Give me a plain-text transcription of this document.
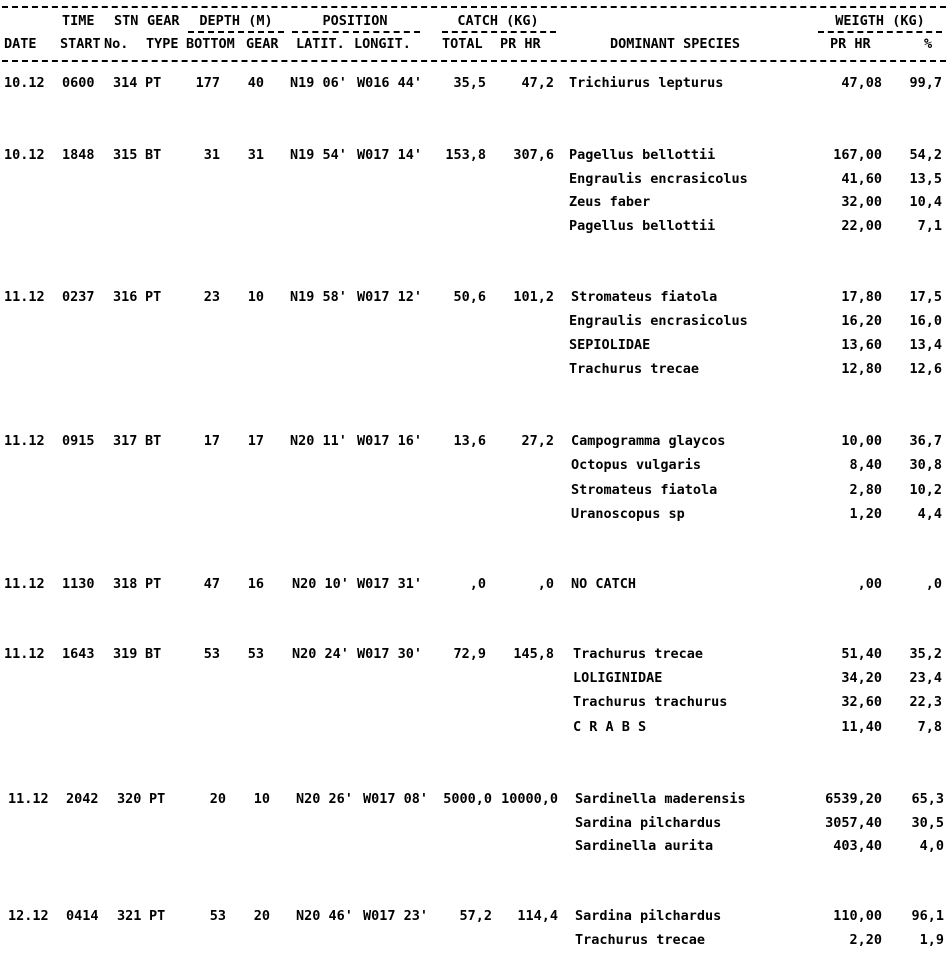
TIME STN GEAR	DEPTH (M)	POSITION	CATCH (KG)	WEIGTH (KG)
DATE START No. TYPE BOTTOM GEAR LATIT. LONGIT. TOTAL PR HR	DOMINANT SPECIES	PR HR	%
10.12 0600 314 PT	177	40 N19 06' W016 44'	35,5	47,2 Trichiurus lepturus	47,08	99,7
10.12 1848 315 BT	31	31 N19 54' W017 14'	153,8	307,6 Pagellus bellottii	167,00	54,2
Engraulis encrasicolus	41,60	13,5
Zeus faber	32,00	10,4
Pagellus bellottii	22,00	7,1
11.12 0237 316 PT	23	10 N19 58' W017 12'	50,6	101,2 Stromateus fiatola	17,80	17,5
Engraulis encrasicolus	16,20	16,0
SEPIOLIDAE	13,60	13,4
Trachurus trecae	12,80	12,6
11.12 0915 317 BT	17	17 N20 11' W017 16'	13,6	27,2 Campogramma glaycos	10,00	36,7
Octopus vulgaris	8,40	30,8
Stromateus fiatola	2,80	10,2
Uranoscopus sp	1,20	4,4
11.12 1130 318 PT	47	16 N20 10' W017 31'	,0	,0 NO CATCH	,00	,0
11.12 1643 319 BT	53	53 N20 24' W017 30'	72,9	145,8 Trachurus trecae	51,40	35,2
LOLIGINIDAE	34,20	23,4
Trachurus trachurus	32,60	22,3
C R A B S	11,40	7,8
11.12 2042 320 PT	20	10 N20 26' W017 08'	5000,0 10000,0 Sardinella maderensis	6539,20	65,3
Sardina pilchardus	3057,40	30,5
Sardinella aurita	403,40	4,0
12.12 0414 321 PT	53	20 N20 46' W017 23'	57,2	114,4 Sardina pilchardus	110,00	96,1
Trachurus trecae	2,20	1,9
